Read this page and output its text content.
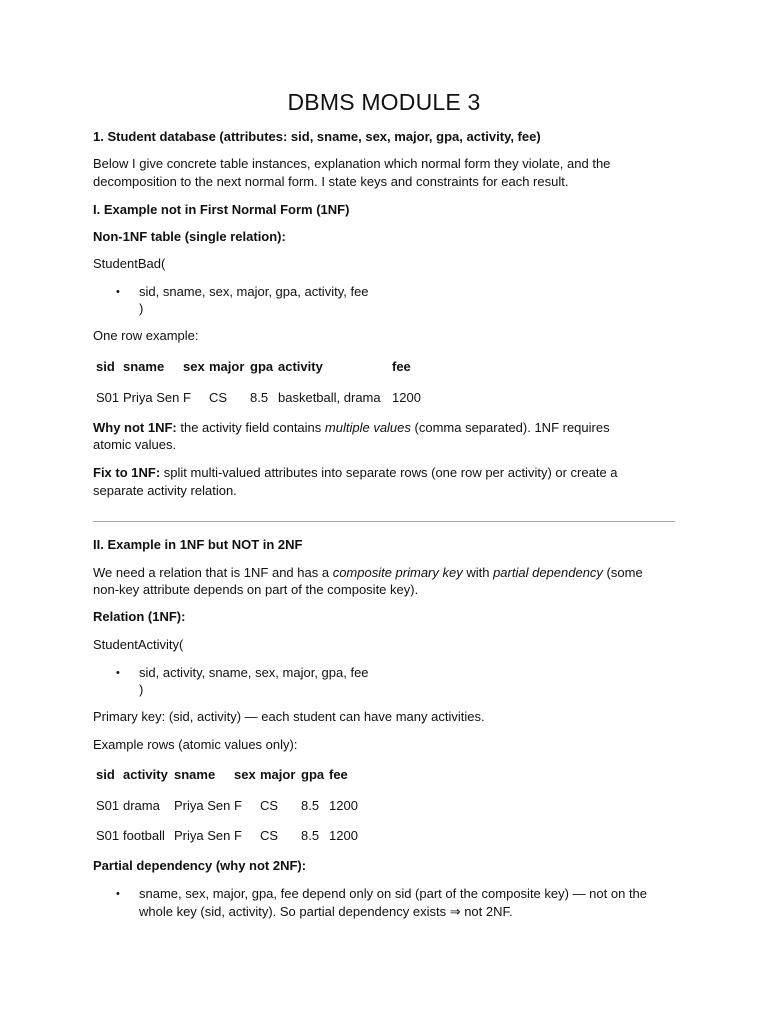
DBMS MODULE 3
1. Student database (attributes: sid, sname, sex, major, gpa, activity, fee)
Below I give concrete table instances, explanation which normal form they violate, and the
decomposition to the next normal form. I state keys and constraints for each result.
I. Example not in First Normal Form (1NF)
Non-1NF table (single relation):
StudentBad(
• sid, sname, sex, major, gpa, activity, fee
)
One row example:
sid sname sex major gpa activity	fee
S01 Priya Sen F CS 8.5 basketball, drama 1200
Why not 1NF: the activity field contains multiple values (comma separated). 1NF requires
atomic values.
Fix to 1NF: split multi-valued attributes into separate rows (one row per activity) or create a
separate activity relation.
II. Example in 1NF but NOT in 2NF
We need a relation that is 1NF and has a composite primary key with partial dependency (some
non-key attribute depends on part of the composite key).
Relation (1NF):
StudentActivity(
• sid, activity, sname, sex, major, gpa, fee
)
Primary key: (sid, activity) — each student can have many activities.
Example rows (atomic values only):
sid activity sname sex major gpa fee
S01 drama Priya Sen F CS 8.5 1200
S01 football Priya Sen F CS 8.5 1200
Partial dependency (why not 2NF):
• sname, sex, major, gpa, fee depend only on sid (part of the composite key) — not on the
whole key (sid, activity). So partial dependency exists ⇒ not 2NF.
